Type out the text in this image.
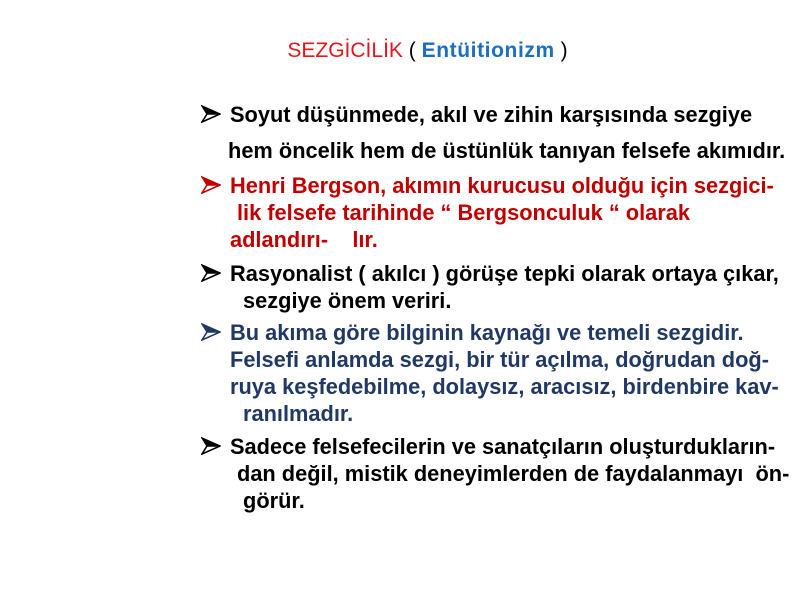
SEZGİCİLİK ( Entüitionizm )
Soyut düşünmede, akıl ve zihin karşısında sezgiye
hem öncelik hem de üstünlük tanıyan felsefe akımıdır.
Henri Bergson, akımın kurucusu olduğu için sezgici-
lik felsefe tarihinde “ Bergsonculuk “ olarak
adlandırı-    lır.
Rasyonalist ( akılcı ) görüşe tepki olarak ortaya çıkar,
sezgiye önem veriri.
Bu akıma göre bilginin kaynağı ve temeli sezgidir.
Felsefi anlamda sezgi, bir tür açılma, doğrudan doğ-
ruya keşfedebilme, dolaysız, aracısız, birdenbire kav-
ranılmadır.
Sadece felsefecilerin ve sanatçıların oluşturdukların-
dan değil, mistik deneyimlerden de faydalanmayı  ön-
görür.
